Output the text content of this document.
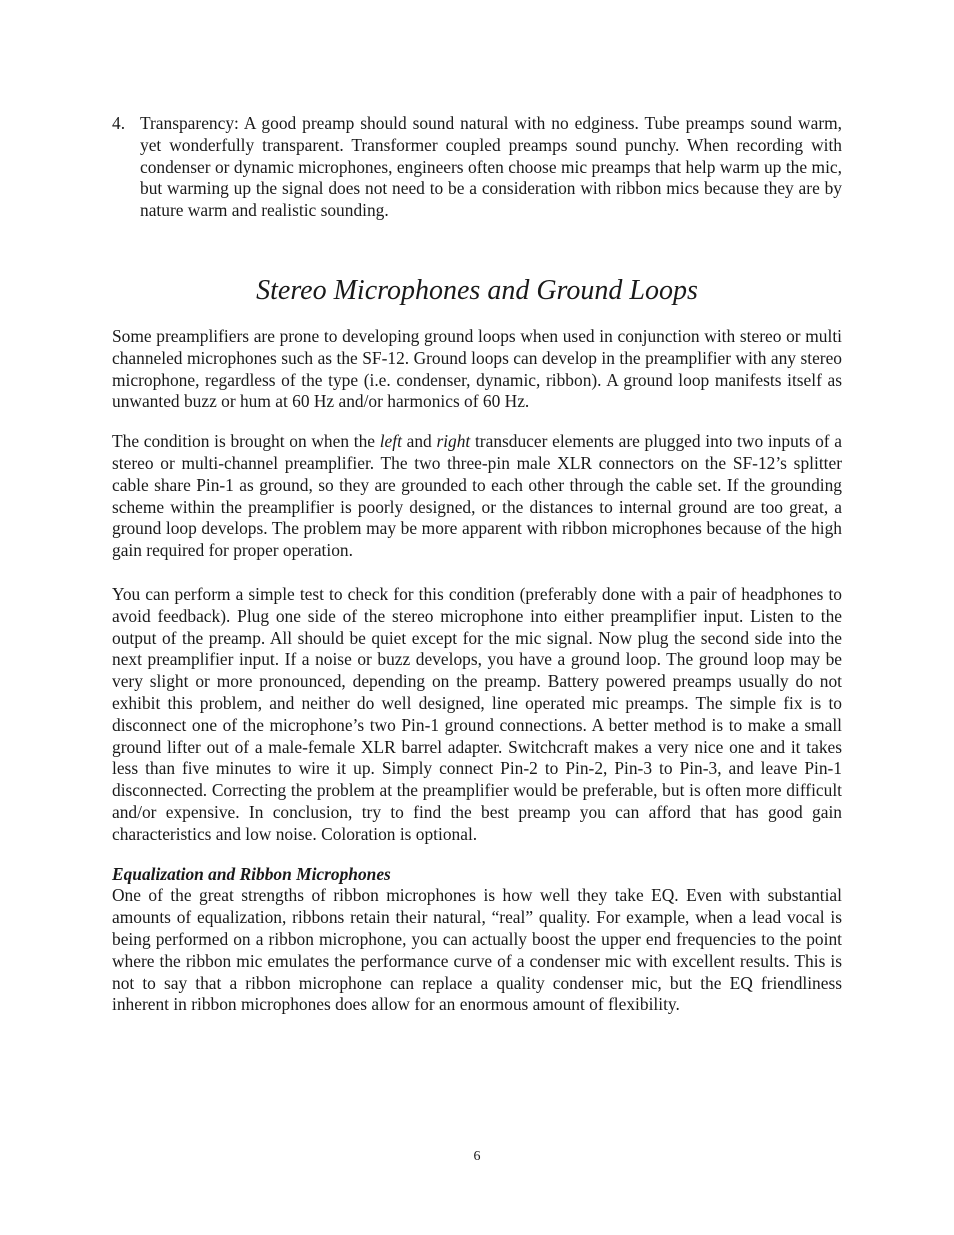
4. Transparency: A good preamp should sound natural with no edginess. Tube preamps sound warm, yet wonderfully transparent. Transformer coupled preamps sound punchy. When recording with condenser or dynamic microphones, engineers often choose mic preamps that help warm up the mic, but warming up the signal does not need to be a consideration with ribbon mics because they are by nature warm and realistic sounding.
Stereo Microphones and Ground Loops

Some preamplifiers are prone to developing ground loops when used in conjunction with stereo or multi channeled microphones such as the SF-12. Ground loops can develop in the preamplifier with any stereo microphone, regardless of the type (i.e. condenser, dynamic, ribbon). A ground loop manifests itself as unwanted buzz or hum at 60 Hz and/or harmonics of 60 Hz.

The condition is brought on when the left and right transducer elements are plugged into two inputs of a stereo or multi-channel preamplifier. The two three-pin male XLR connectors on the SF-12’s splitter cable share Pin-1 as ground, so they are grounded to each other through the cable set. If the grounding scheme within the preamplifier is poorly designed, or the distances to internal ground are too great, a ground loop develops. The problem may be more apparent with ribbon microphones because of the high gain required for proper operation.

You can perform a simple test to check for this condition (preferably done with a pair of headphones to avoid feedback). Plug one side of the stereo microphone into either preamplifier input. Listen to the output of the preamp. All should be quiet except for the mic signal. Now plug the second side into the next preamplifier input. If a noise or buzz develops, you have a ground loop. The ground loop may be very slight or more pronounced, depending on the preamp. Battery powered preamps usually do not exhibit this problem, and neither do well designed, line operated mic preamps. The simple fix is to disconnect one of the microphone’s two Pin-1 ground connections. A better method is to make a small ground lifter out of a male-female XLR barrel adapter. Switchcraft makes a very nice one and it takes less than five minutes to wire it up. Simply connect Pin-2 to Pin-2, Pin-3 to Pin-3, and leave Pin-1 disconnected. Correcting the problem at the preamplifier would be preferable, but is often more difficult and/or expensive. In conclusion, try to find the best preamp you can afford that has good gain characteristics and low noise. Coloration is optional.

Equalization and Ribbon Microphones

One of the great strengths of ribbon microphones is how well they take EQ. Even with substantial amounts of equalization, ribbons retain their natural, “real” quality. For example, when a lead vocal is being performed on a ribbon microphone, you can actually boost the upper end frequencies to the point where the ribbon mic emulates the performance curve of a condenser mic with excellent results. This is not to say that a ribbon microphone can replace a quality condenser mic, but the EQ friendliness inherent in ribbon microphones does allow for an enormous amount of flexibility.

6
